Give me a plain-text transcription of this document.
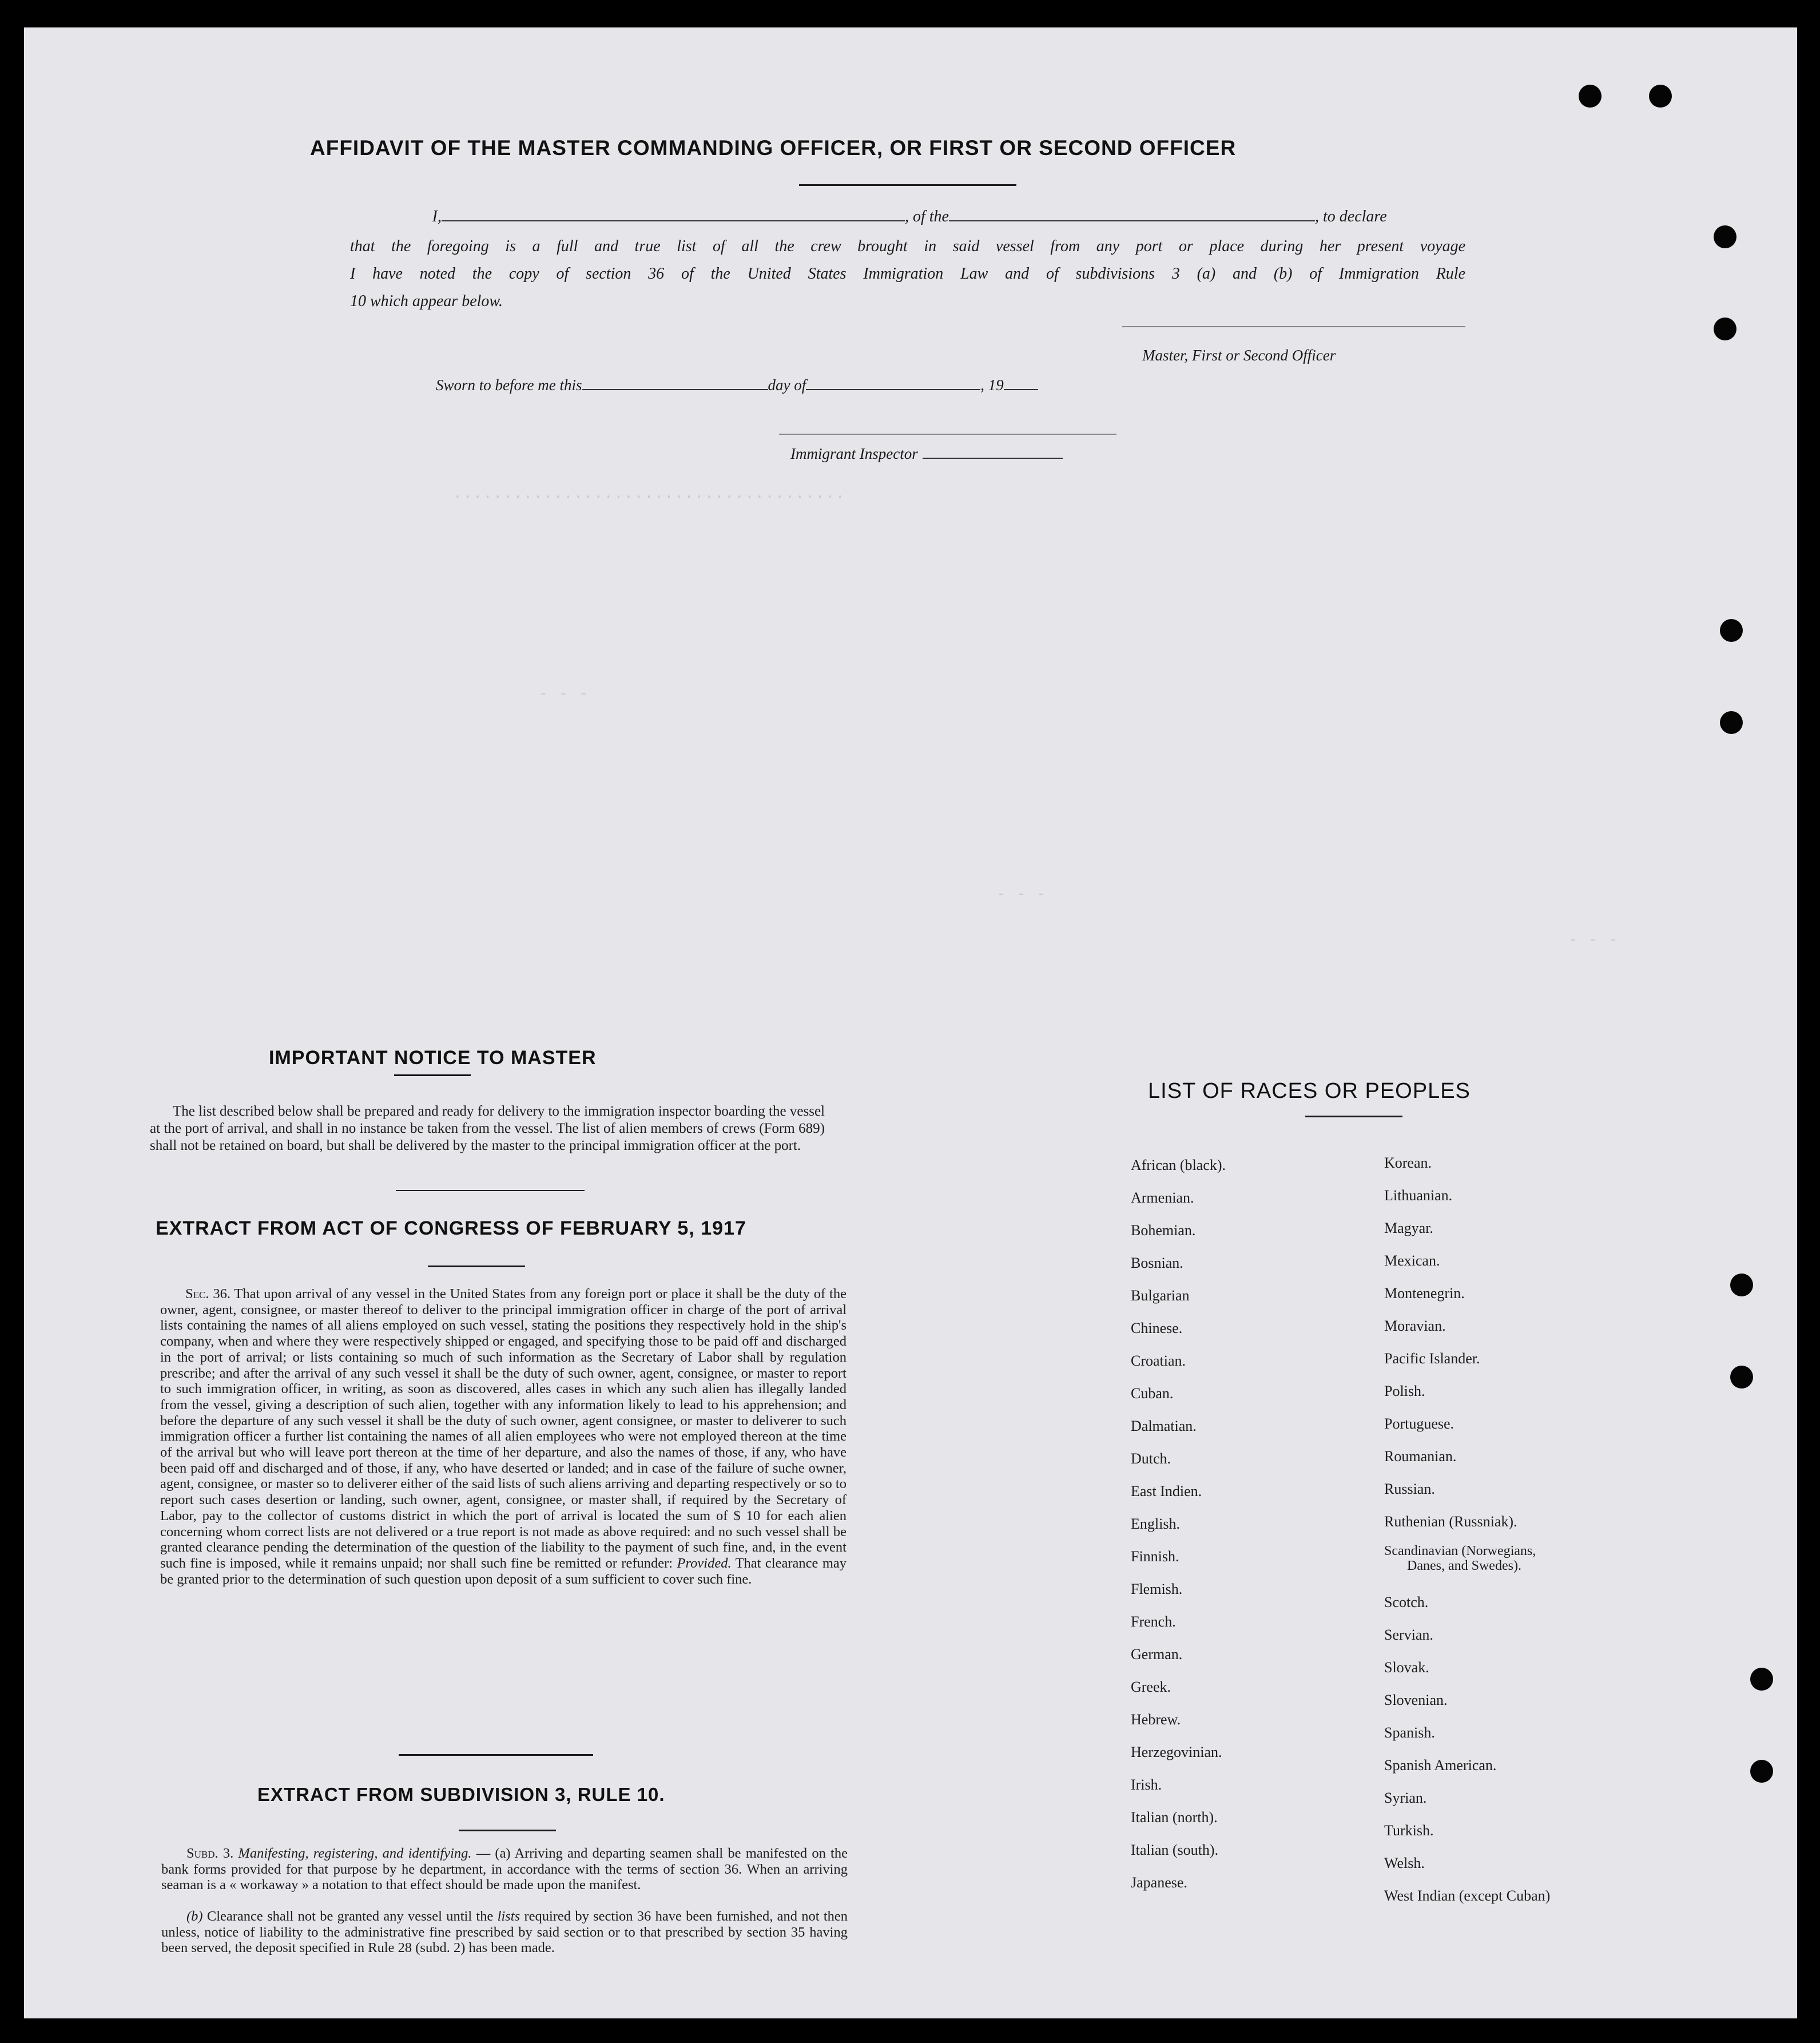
.......................................
- - -
- - -
- - -
AFFIDAVIT OF THE MASTER COMMANDING OFFICER, OR FIRST OR SECOND OFFICER
I,	, of the	, to declare
that the foregoing is a full and true list of all the crew brought in said vessel from any port or place during her present voyage
I have noted the copy of section 36 of the United States Immigration Law and of subdivisions 3 (a) and (b) of Immigration Rule
10 which appear below.
Master, First or Second Officer
Sworn to before me this	day of	, 19
Immigrant Inspector
IMPORTANT NOTICE TO MASTER
The list described below shall be prepared and ready for delivery to the immigration inspector boarding the vessel at the port of arrival, and shall in no instance be taken from the vessel. The list of alien members of crews (Form 689) shall not be retained on board, but shall be delivered by the master to the principal immigration officer at the port.
EXTRACT FROM ACT OF CONGRESS OF FEBRUARY 5, 1917
Sec. 36. That upon arrival of any vessel in the United States from any foreign port or place it shall be the duty of the owner, agent, consignee, or master thereof to deliver to the principal immigration officer in charge of the port of arrival lists containing the names of all aliens employed on such vessel, stating the positions they respectively hold in the ship's company, when and where they were respectively shipped or engaged, and specifying those to be paid off and discharged in the port of arrival; or lists containing so much of such information as the Secretary of Labor shall by regulation prescribe; and after the arrival of any such vessel it shall be the duty of such owner, agent, consignee, or master to report to such immigration officer, in writing, as soon as discovered, alles cases in which any such alien has illegally landed from the vessel, giving a description of such alien, together with any information likely to lead to his apprehension; and before the departure of any such vessel it shall be the duty of such owner, agent consignee, or master to deliverer to such immigration officer a further list containing the names of all alien employees who were not employed thereon at the time of the arrival but who will leave port thereon at the time of her departure, and also the names of those, if any, who have been paid off and discharged and of those, if any, who have deserted or landed; and in case of the failure of suche owner, agent, consignee, or master so to deliverer either of the said lists of such aliens arriving and departing respectively or so to report such cases desertion or landing, such owner, agent, consignee, or master shall, if required by the Secretary of Labor, pay to the collector of customs district in which the port of arrival is located the sum of $ 10 for each alien concerning whom correct lists are not delivered or a true report is not made as above required: and no such vessel shall be granted clearance pending the determination of the question of the liability to the payment of such fine, and, in the event such fine is imposed, while it remains unpaid; nor shall such fine be remitted or refunder: Provided. That clearance may be granted prior to the determination of such question upon deposit of a sum sufficient to cover such fine.
EXTRACT FROM SUBDIVISION 3, RULE 10.
Subd. 3. Manifesting, registering, and identifying. — (a) Arriving and departing seamen shall be manifested on the bank forms provided for that purpose by he department, in accordance with the terms of section 36. When an arriving seaman is a « workaway » a notation to that effect should be made upon the manifest.
(b) Clearance shall not be granted any vessel until the lists required by section 36 have been furnished, and not then unless, notice of liability to the administrative fine prescribed by said section or to that prescribed by section 35 having been served, the deposit specified in Rule 28 (subd. 2) has been made.
LIST OF RACES OR PEOPLES
African (black).
Armenian.
Bohemian.
Bosnian.
Bulgarian
Chinese.
Croatian.
Cuban.
Dalmatian.
Dutch.
East Indien.
English.
Finnish.
Flemish.
French.
German.
Greek.
Hebrew.
Herzegovinian.
Irish.
Italian (north).
Italian (south).
Japanese.
Korean.
Lithuanian.
Magyar.
Mexican.
Montenegrin.
Moravian.
Pacific Islander.
Polish.
Portuguese.
Roumanian.
Russian.
Ruthenian (Russniak).
Scandinavian (Norwegians,
Danes, and Swedes).
Scotch.
Servian.
Slovak.
Slovenian.
Spanish.
Spanish American.
Syrian.
Turkish.
Welsh.
West Indian (except Cuban)
